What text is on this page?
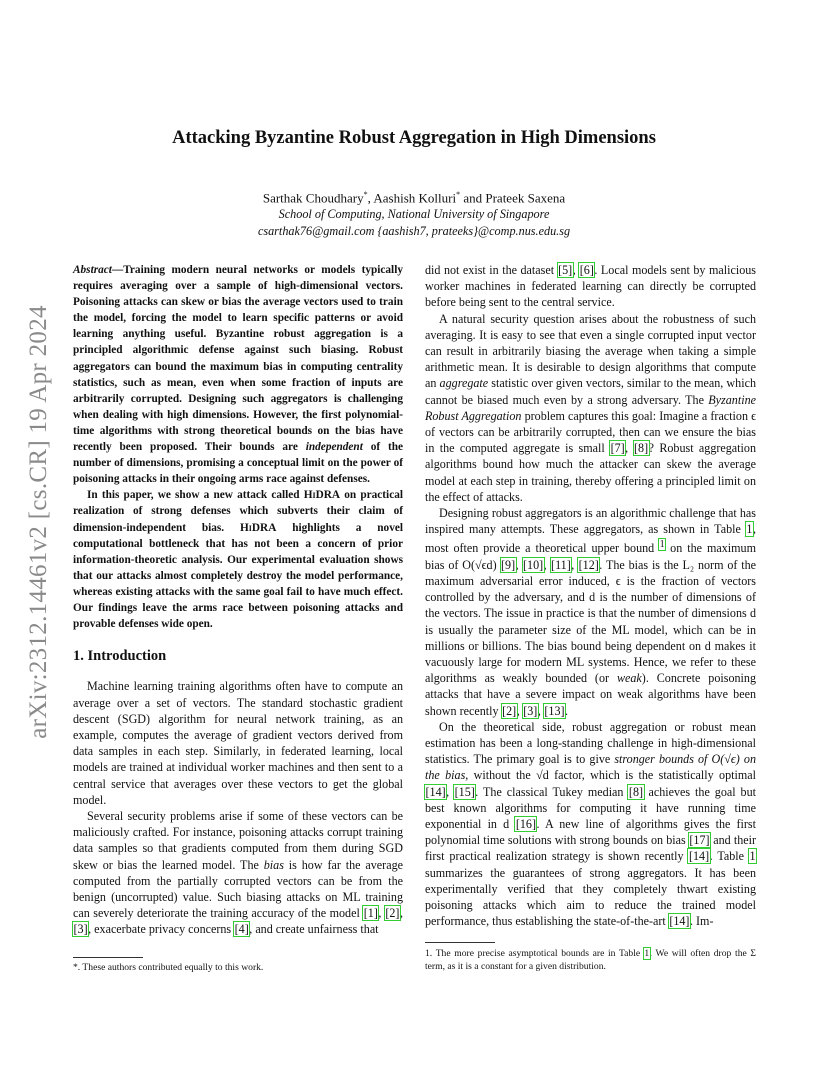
arXiv:2312.14461v2 [cs.CR] 19 Apr 2024
Attacking Byzantine Robust Aggregation in High Dimensions
Sarthak Choudhary*, Aashish Kolluri* and Prateek Saxena
School of Computing, National University of Singapore
csarthak76@gmail.com {aashish7, prateeks}@comp.nus.edu.sg

Abstract—Training modern neural networks or models typically requires averaging over a sample of high-dimensional vectors. Poisoning attacks can skew or bias the average vectors used to train the model, forcing the model to learn specific patterns or avoid learning anything useful. Byzantine robust aggregation is a principled algorithmic defense against such biasing. Robust aggregators can bound the maximum bias in computing centrality statistics, such as mean, even when some fraction of inputs are arbitrarily corrupted. Designing such aggregators is challenging when dealing with high dimensions. However, the first polynomial-time algorithms with strong theoretical bounds on the bias have recently been proposed. Their bounds are independent of the number of dimensions, promising a conceptual limit on the power of poisoning attacks in their ongoing arms race against defenses.

In this paper, we show a new attack called HiDRA on practical realization of strong defenses which subverts their claim of dimension-independent bias. HiDRA highlights a novel computational bottleneck that has not been a concern of prior information-theoretic analysis. Our experimental evaluation shows that our attacks almost completely destroy the model performance, whereas existing attacks with the same goal fail to have much effect. Our findings leave the arms race between poisoning attacks and provable defenses wide open.

1. Introduction

Machine learning training algorithms often have to compute an average over a set of vectors. The standard stochastic gradient descent (SGD) algorithm for neural network training, as an example, computes the average of gradient vectors derived from data samples in each step. Similarly, in federated learning, local models are trained at individual worker machines and then sent to a central service that averages over these vectors to get the global model.

Several security problems arise if some of these vectors can be maliciously crafted. For instance, poisoning attacks corrupt training data samples so that gradients computed from them during SGD skew or bias the learned model. The bias is how far the average computed from the partially corrupted vectors can be from the benign (uncorrupted) value. Such biasing attacks on ML training can severely deteriorate the training accuracy of the model [1], [2], [3], exacerbate privacy concerns [4], and create unfairness that

did not exist in the dataset [5], [6]. Local models sent by malicious worker machines in federated learning can directly be corrupted before being sent to the central service.

A natural security question arises about the robustness of such averaging. It is easy to see that even a single corrupted input vector can result in arbitrarily biasing the average when taking a simple arithmetic mean. It is desirable to design algorithms that compute an aggregate statistic over given vectors, similar to the mean, which cannot be biased much even by a strong adversary. The Byzantine Robust Aggregation problem captures this goal: Imagine a fraction ϵ of vectors can be arbitrarily corrupted, then can we ensure the bias in the computed aggregate is small [7], [8]? Robust aggregation algorithms bound how much the attacker can skew the average model at each step in training, thereby offering a principled limit on the effect of attacks.

Designing robust aggregators is an algorithmic challenge that has inspired many attempts. These aggregators, as shown in Table 1, most often provide a theoretical upper bound $^1$ on the maximum bias of O(√ϵd) [9], [10], [11], [12]. The bias is the L₂ norm of the maximum adversarial error induced, ϵ is the fraction of vectors controlled by the adversary, and d is the number of dimensions of the vectors. The issue in practice is that the number of dimensions d is usually the parameter size of the ML model, which can be in millions or billions. The bias bound being dependent on d makes it vacuously large for modern ML systems. Hence, we refer to these algorithms as weakly bounded (or weak). Concrete poisoning attacks that have a severe impact on weak algorithms have been shown recently [2], [3], [13].

On the theoretical side, robust aggregation or robust mean estimation has been a long-standing challenge in high-dimensional statistics. The primary goal is to give stronger bounds of O(√ϵ) on the bias, without the √d factor, which is the statistically optimal [14], [15]. The classical Tukey median [8] achieves the goal but best known algorithms for computing it have running time exponential in d [16]. A new line of algorithms gives the first polynomial time solutions with strong bounds on bias [17] and their first practical realization strategy is shown recently [14]. Table 1 summarizes the guarantees of strong aggregators. It has been experimentally verified that they completely thwart existing poisoning attacks which aim to reduce the trained model performance, thus establishing the state-of-the-art [14]. Im-

*. These authors contributed equally to this work.
1. The more precise asymptotical bounds are in Table 1. We will often drop the Σ term, as it is a constant for a given distribution.
